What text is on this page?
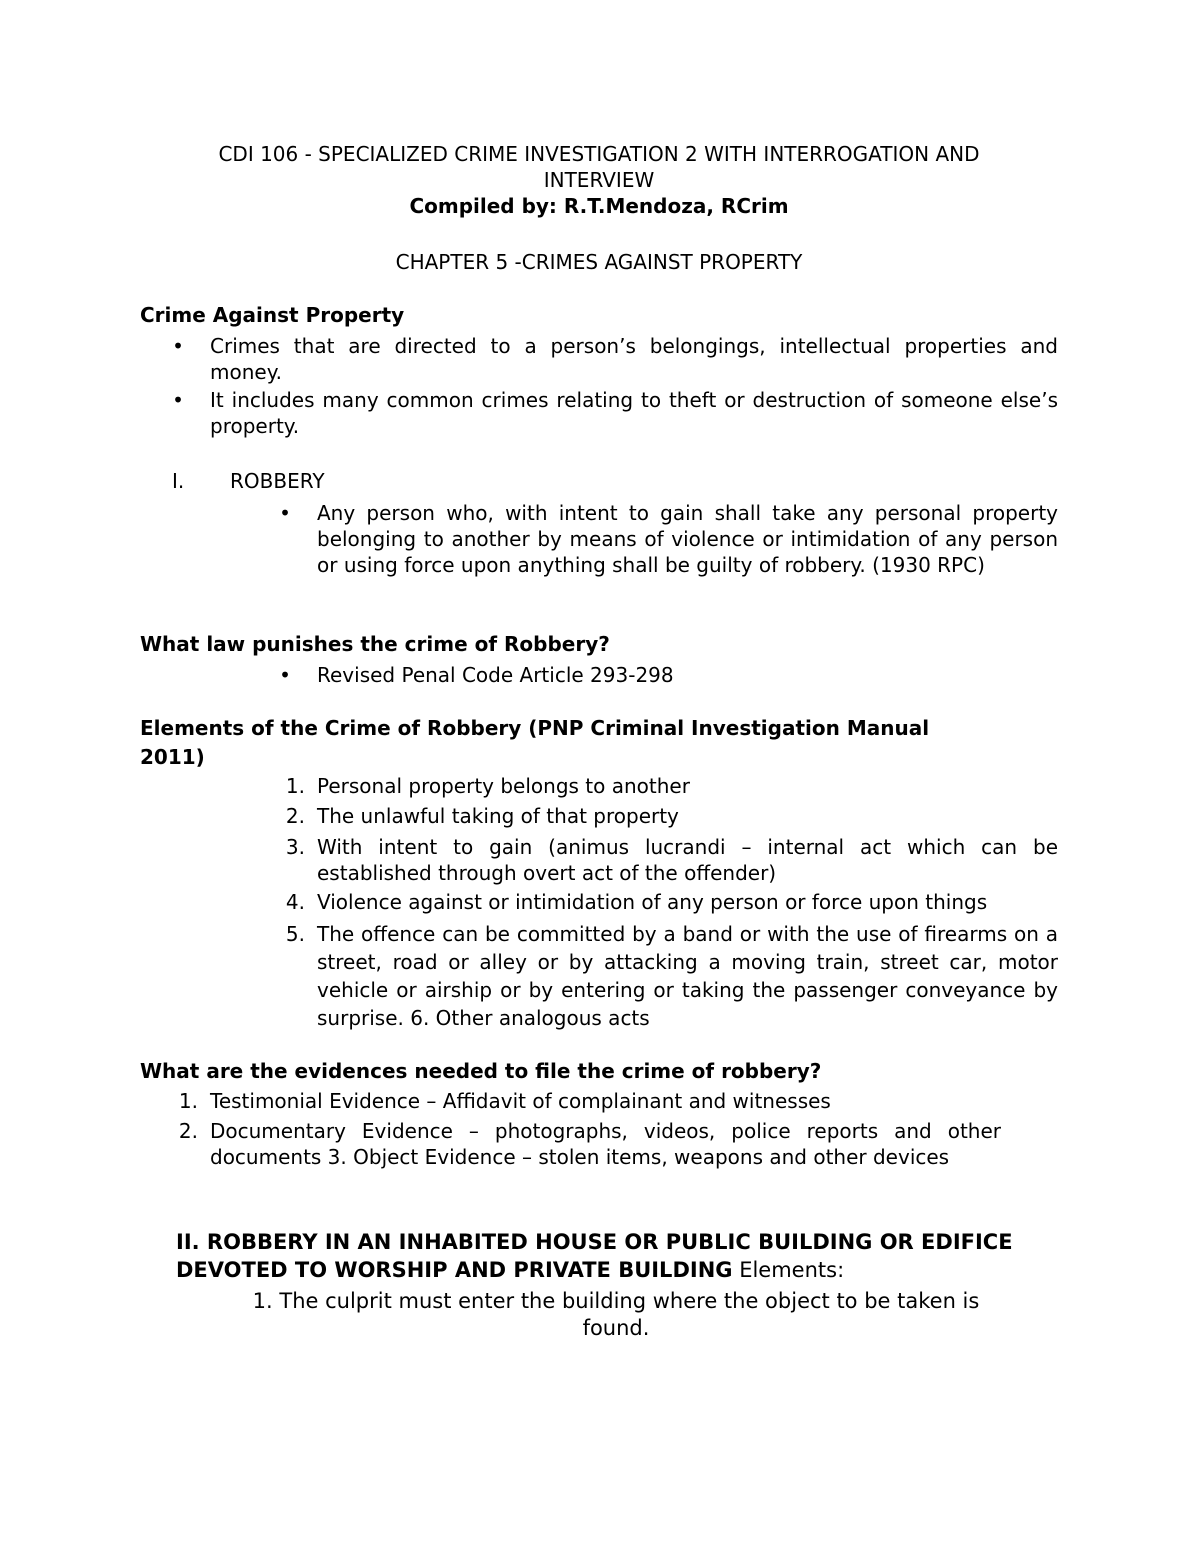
CDI 106 - SPECIALIZED CRIME INVESTIGATION 2 WITH INTERROGATION AND
INTERVIEW
Compiled by: R.T.Mendoza, RCrim
CHAPTER 5 -CRIMES AGAINST PROPERTY
Crime Against Property
• Crimes that are directed to a person’s belongings, intellectual properties and money.
• It includes many common crimes relating to theft or destruction of someone else’s property.
I. ROBBERY
• Any person who, with intent to gain shall take any personal property belonging to another by means of violence or intimidation of any person or using force upon anything shall be guilty of robbery. (1930 RPC)
What law punishes the crime of Robbery?
• Revised Penal Code Article 293-298
Elements of the Crime of Robbery (PNP Criminal Investigation Manual
2011)
1. Personal property belongs to another
2. The unlawful taking of that property
3. With intent to gain (animus lucrandi – internal act which can be established through overt act of the offender)
4. Violence against or intimidation of any person or force upon things
5. The offence can be committed by a band or with the use of firearms on a street, road or alley or by attacking a moving train, street car, motor vehicle or airship or by entering or taking the passenger conveyance by surprise. 6. Other analogous acts
What are the evidences needed to file the crime of robbery?
1. Testimonial Evidence – Affidavit of complainant and witnesses
2. Documentary Evidence – photographs, videos, police reports and other documents 3. Object Evidence – stolen items, weapons and other devices
II. ROBBERY IN AN INHABITED HOUSE OR PUBLIC BUILDING OR EDIFICE
DEVOTED TO WORSHIP AND PRIVATE BUILDING Elements:
1. The culprit must enter the building where the object to be taken is
found.
